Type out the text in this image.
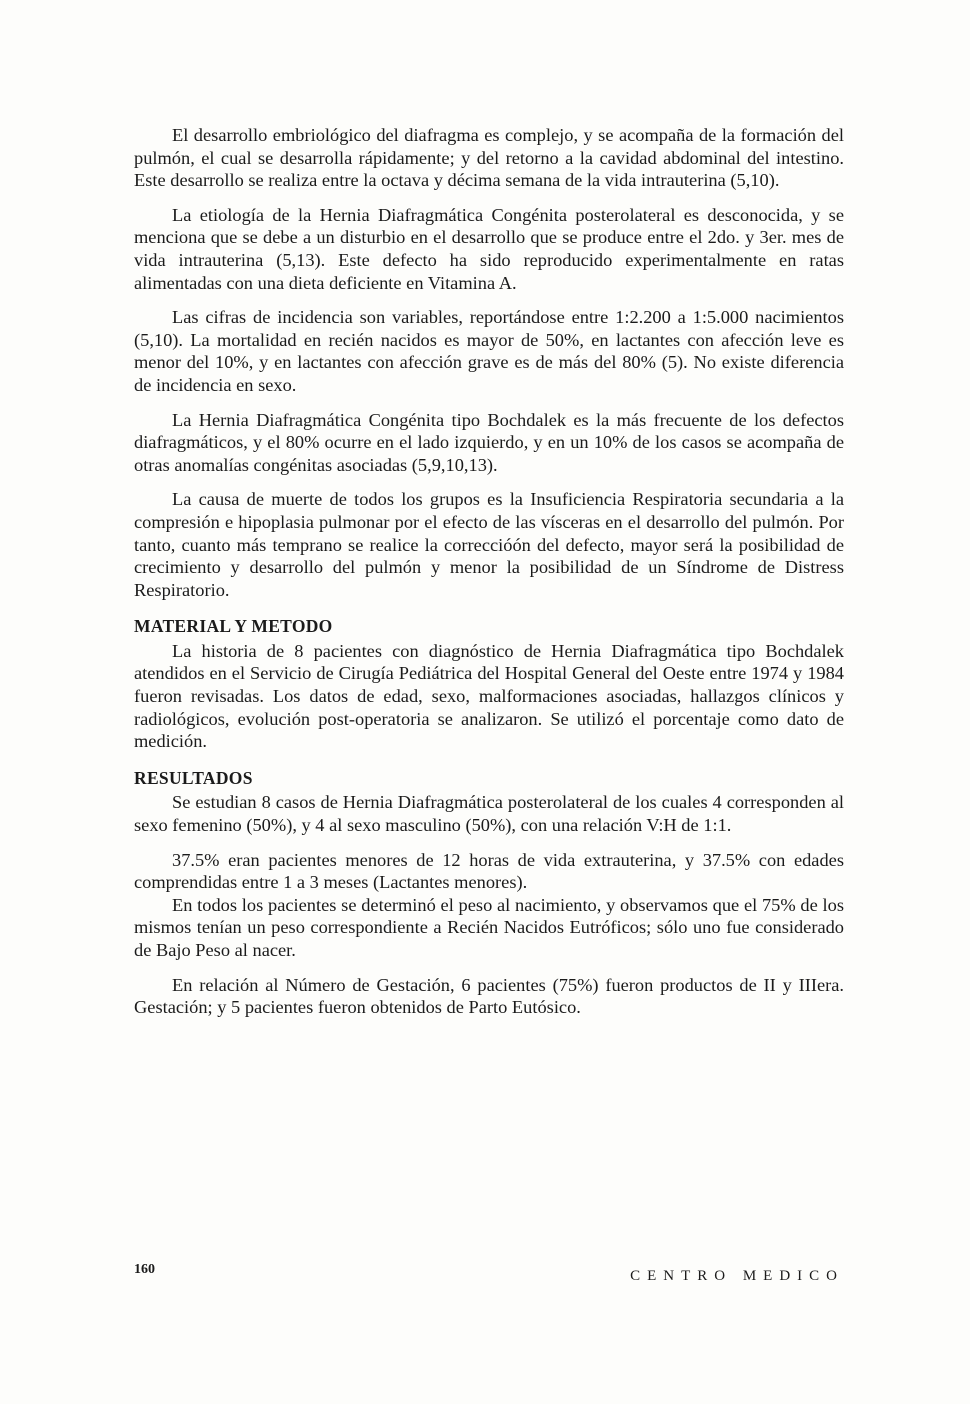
El desarrollo embriológico del diafragma es complejo, y se acompaña de la formación del pulmón, el cual se desarrolla rápidamente; y del retorno a la cavidad abdominal del intestino. Este desarrollo se realiza entre la octava y décima semana de la vida intrauterina (5,10).

La etiología de la Hernia Diafragmática Congénita posterolateral es desconocida, y se menciona que se debe a un disturbio en el desarrollo que se produce entre el 2do. y 3er. mes de vida intrauterina (5,13). Este defecto ha sido reproducido experimentalmente en ratas alimentadas con una dieta deficiente en Vitamina A.

Las cifras de incidencia son variables, reportándose entre 1:2.200 a 1:5.000 nacimientos (5,10). La mortalidad en recién nacidos es mayor de 50%, en lactantes con afección leve es menor del 10%, y en lactantes con afección grave es de más del 80% (5). No existe diferencia de incidencia en sexo.

La Hernia Diafragmática Congénita tipo Bochdalek es la más frecuente de los defectos diafragmáticos, y el 80% ocurre en el lado izquierdo, y en un 10% de los casos se acompaña de otras anomalías congénitas asociadas (5,9,10,13).

La causa de muerte de todos los grupos es la Insuficiencia Respiratoria secundaria a la compresión e hipoplasia pulmonar por el efecto de las vísceras en el desarrollo del pulmón. Por tanto, cuanto más temprano se realice la correccióón del defecto, mayor será la posibilidad de crecimiento y desarrollo del pulmón y menor la posibilidad de un Síndrome de Distress Respiratorio.

MATERIAL Y METODO

La historia de 8 pacientes con diagnóstico de Hernia Diafragmática tipo Bochdalek atendidos en el Servicio de Cirugía Pediátrica del Hospital General del Oeste entre 1974 y 1984 fueron revisadas. Los datos de edad, sexo, malformaciones asociadas, hallazgos clínicos y radiológicos, evolución post-operatoria se analizaron. Se utilizó el porcentaje como dato de medición.

RESULTADOS

Se estudian 8 casos de Hernia Diafragmática posterolateral de los cuales 4 corresponden al sexo femenino (50%), y 4 al sexo masculino (50%), con una relación V:H de 1:1.

37.5% eran pacientes menores de 12 horas de vida extrauterina, y 37.5% con edades comprendidas entre 1 a 3 meses (Lactantes menores).

En todos los pacientes se determinó el peso al nacimiento, y observamos que el 75% de los mismos tenían un peso correspondiente a Recién Nacidos Eutróficos; sólo uno fue considerado de Bajo Peso al nacer.

En relación al Número de Gestación, 6 pacientes (75%) fueron productos de II y IIIera. Gestación; y 5 pacientes fueron obtenidos de Parto Eutósico.

160	CENTRO MEDICO
